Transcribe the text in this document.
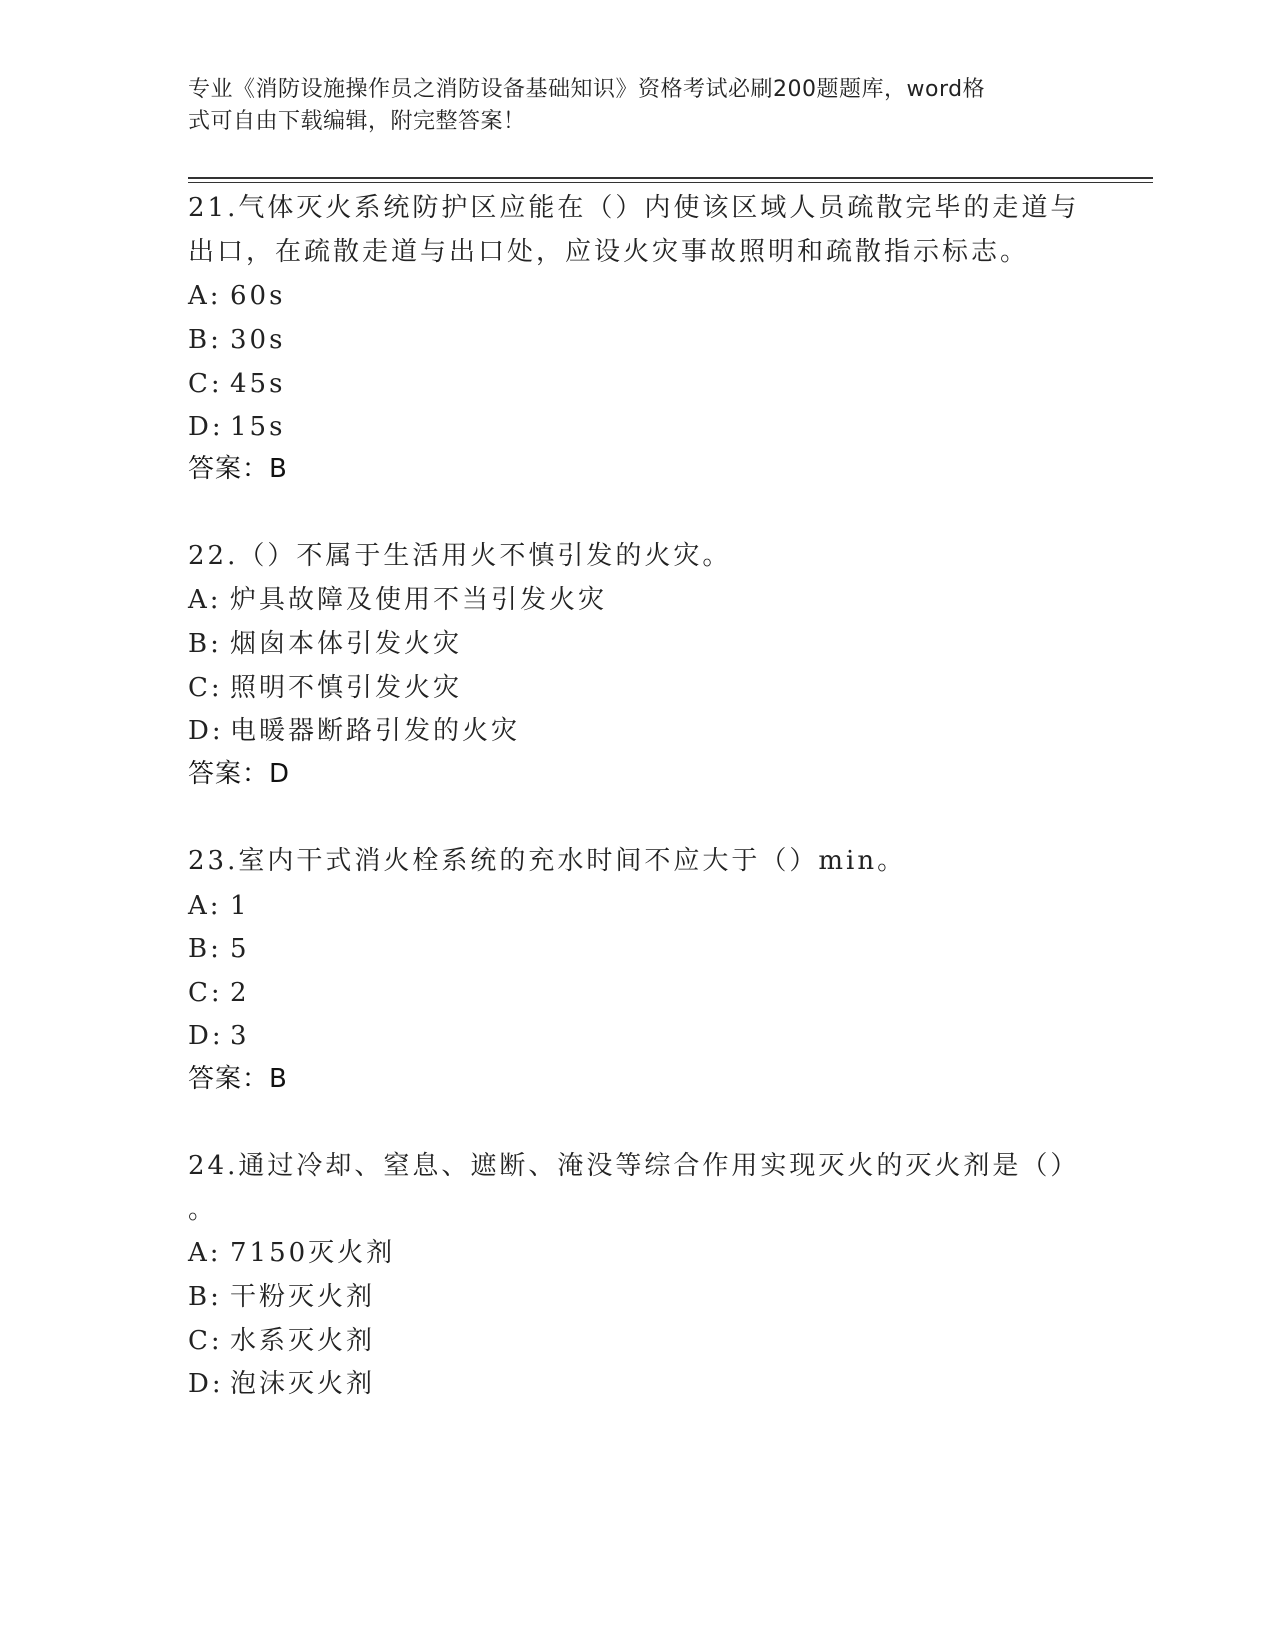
专业《消防设施操作员之消防设备基础知识》资格考试必刷200题题库，word格
式可自由下载编辑，附完整答案！
21.气体灭火系统防护区应能在（）内使该区域人员疏散完毕的走道与
出口，在疏散走道与出口处，应设火灾事故照明和疏散指示标志。
A: 60s
B: 30s
C: 45s
D: 15s
答案：B
22.（）不属于生活用火不慎引发的火灾。
A: 炉具故障及使用不当引发火灾
B: 烟囱本体引发火灾
C: 照明不慎引发火灾
D: 电暖器断路引发的火灾
答案：D
23.室内干式消火栓系统的充水时间不应大于（）min。
A: 1
B: 5
C: 2
D: 3
答案：B
24.通过冷却、窒息、遮断、淹没等综合作用实现灭火的灭火剂是（）
。
A: 7150灭火剂
B: 干粉灭火剂
C: 水系灭火剂
D: 泡沫灭火剂
